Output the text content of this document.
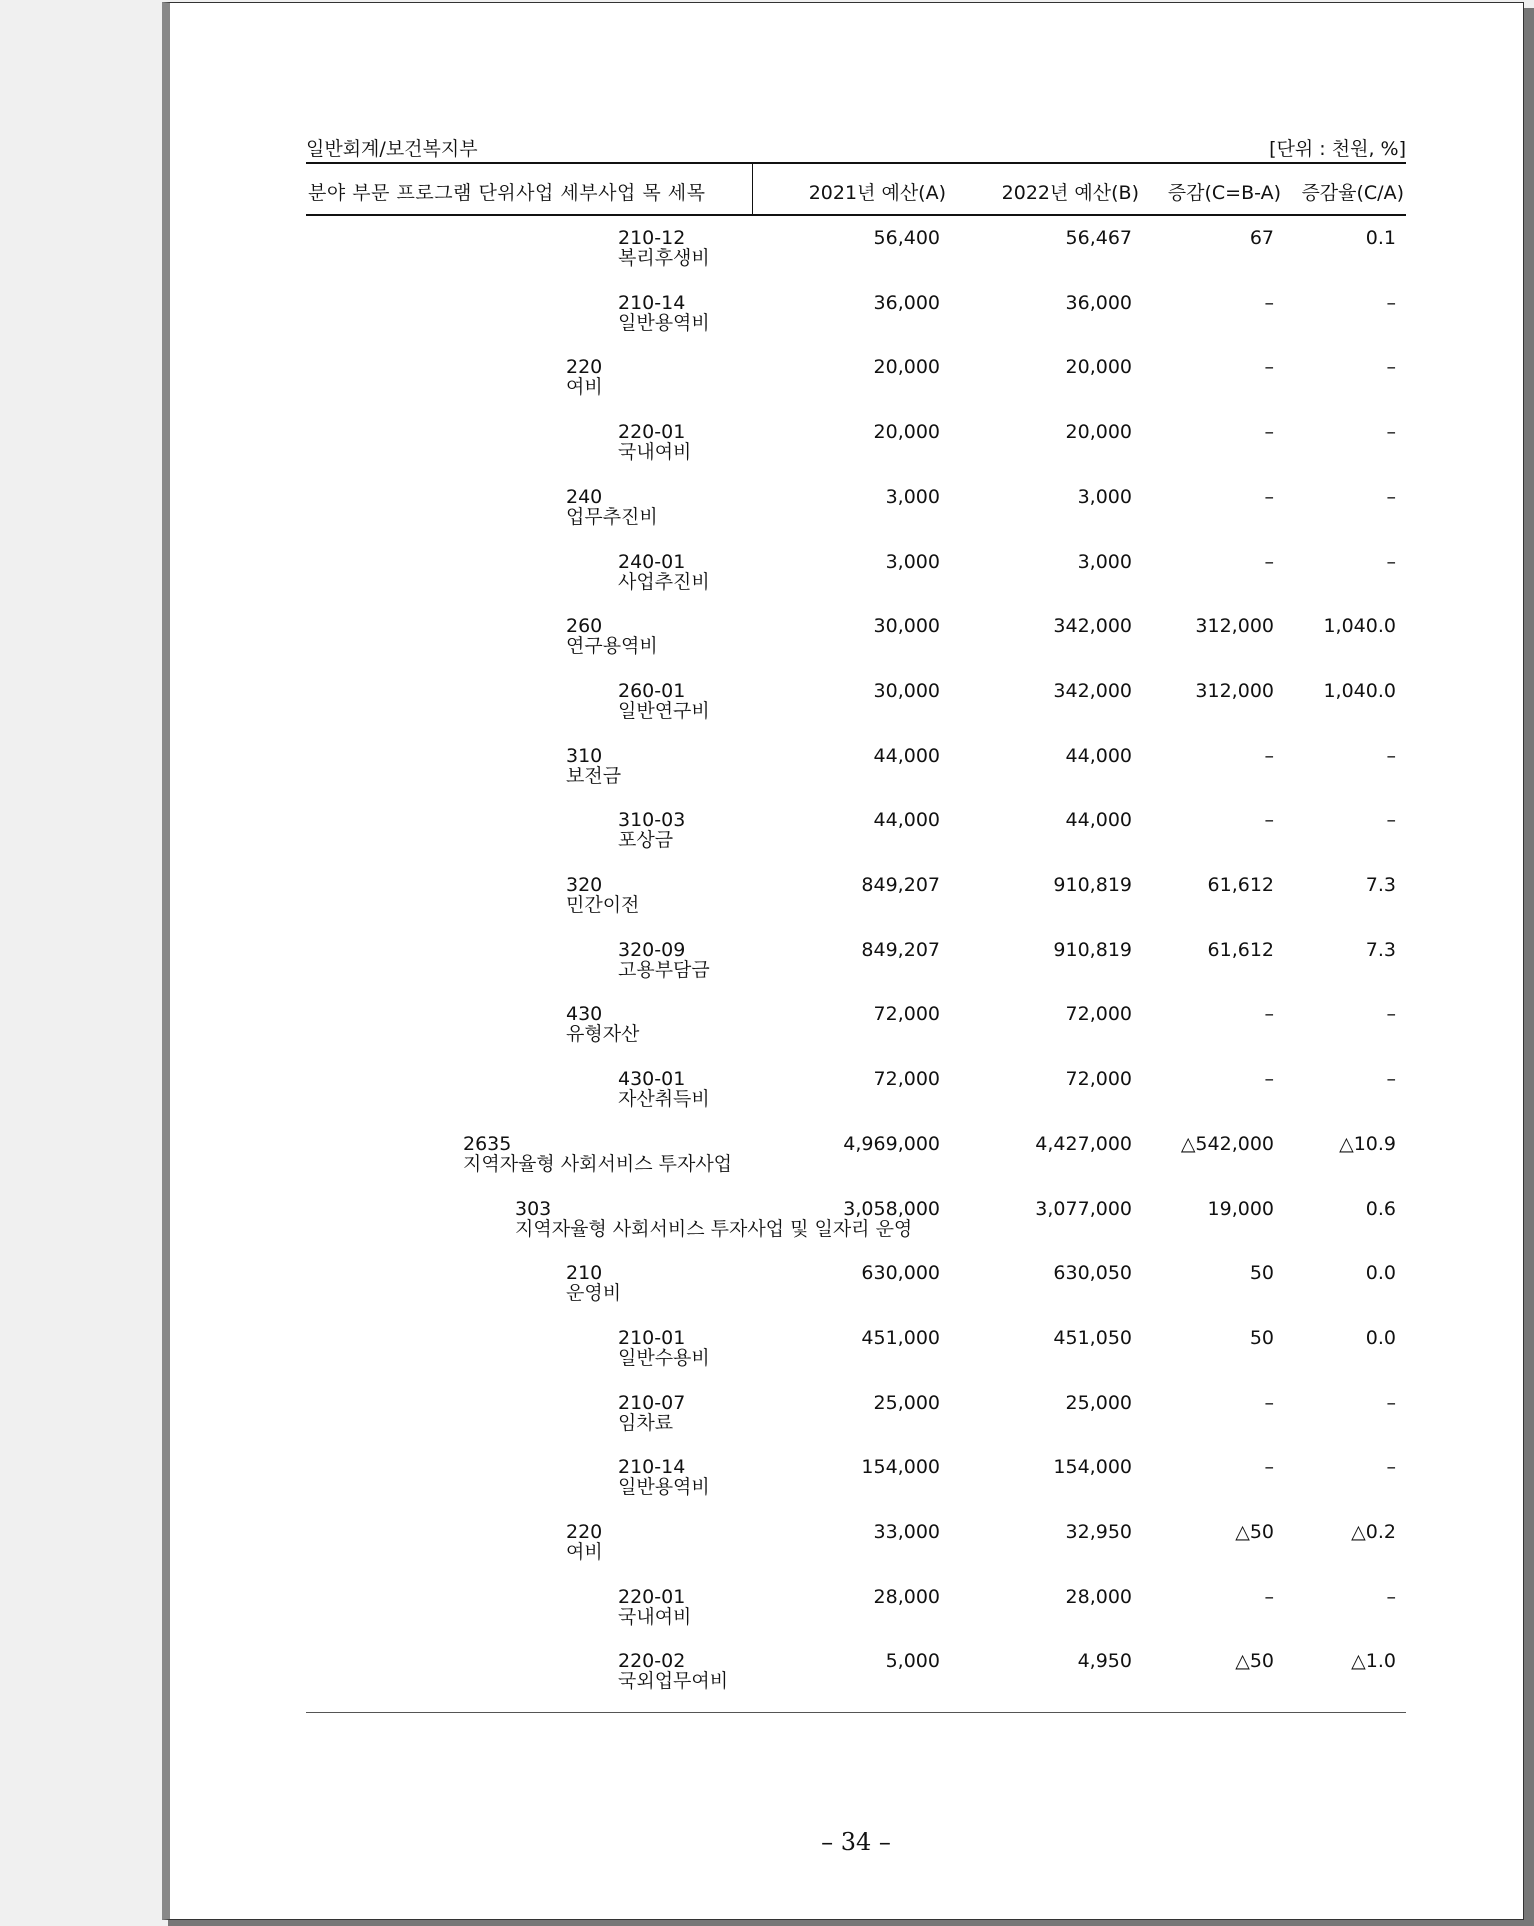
일반회계/보건복지부	[단위 : 천원, %]
분야 부문 프로그램 단위사업 세부사업 목 세목	2021년 예산(A)	2022년 예산(B) 증감(C=B-A) 증감율(C/A)
210-12
복리후생비
56,400	56,467	67	0.1
210-14
일반용역비
36,000	36,000	–	–
220
여비
20,000	20,000	–	–
220-01
국내여비
20,000	20,000	–	–
240
업무추진비
3,000	3,000	–	–
240-01
사업추진비
3,000	3,000	–	–
260
연구용역비
30,000	342,000	312,000	1,040.0
260-01
일반연구비
30,000	342,000	312,000	1,040.0
310
보전금
44,000	44,000	–	–
310-03
포상금
44,000	44,000	–	–
320
민간이전
849,207	910,819	61,612	7.3
320-09
고용부담금
849,207	910,819	61,612	7.3
430
유형자산
72,000	72,000	–	–
430-01
자산취득비
72,000	72,000	–	–
2635
지역자율형 사회서비스 투자사업
4,969,000	4,427,000	△542,000	△10.9
303
지역자율형 사회서비스 투자사업 및 일자리 운영
3,058,000	3,077,000	19,000	0.6
210
운영비
630,000	630,050	50	0.0
210-01
일반수용비
451,000	451,050	50	0.0
210-07
임차료
25,000	25,000	–	–
210-14
일반용역비
154,000	154,000	–	–
220
여비
33,000	32,950	△50	△0.2
220-01
국내여비
28,000	28,000	–	–
220-02
국외업무여비
5,000	4,950	△50	△1.0
– 34 –
